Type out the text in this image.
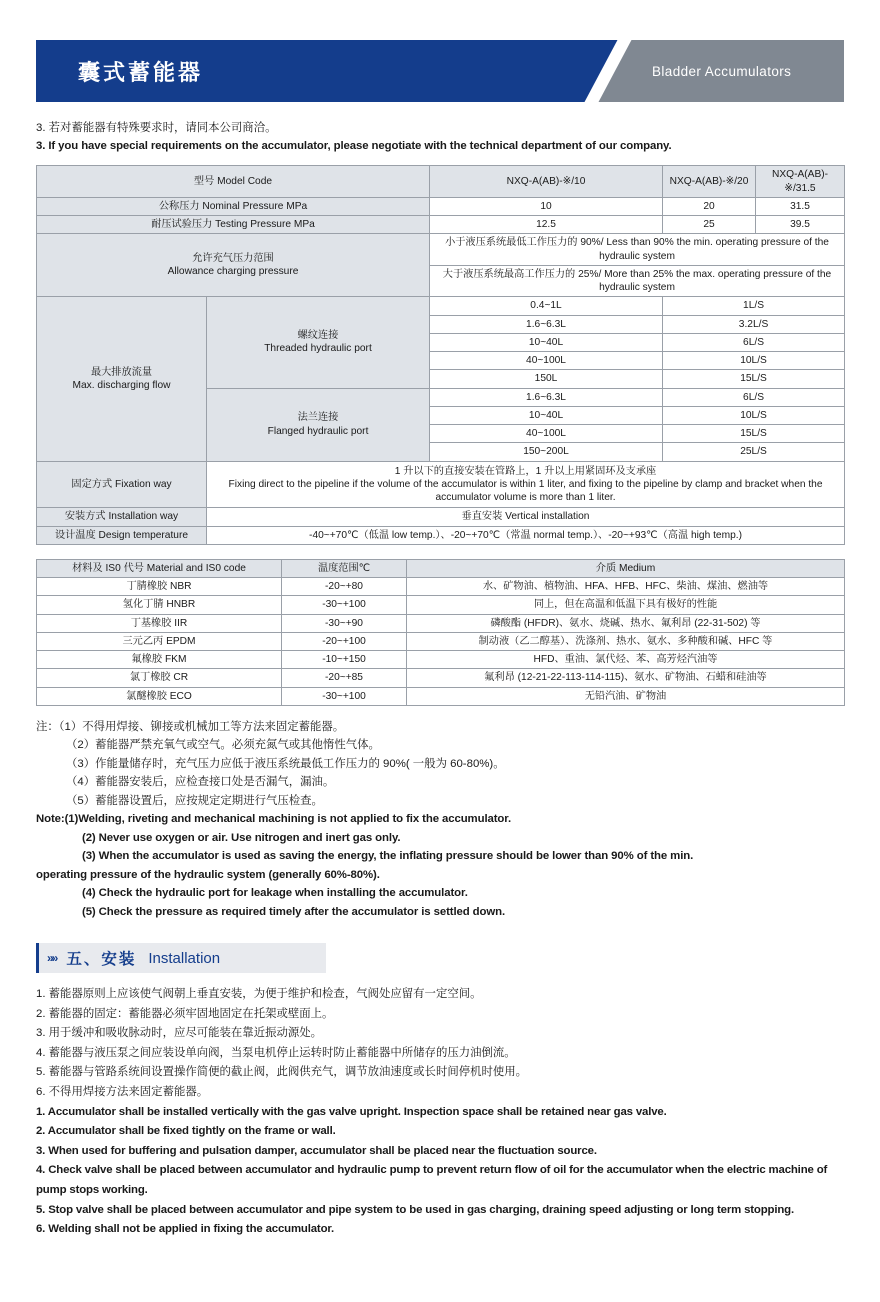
囊式蓄能器	Bladder Accumulators
3. 若对蓄能器有特殊要求时，请同本公司商洽。
3. If you have special requirements on the accumulator, please negotiate with the technical department of our company.
型号 Model Code		NXQ-A(AB)-※/10	NXQ-A(AB)-※/20	NXQ-A(AB)-※/31.5
公称压力 Nominal Pressure MPa		10	20	31.5
耐压试验压力 Testing Pressure MPa		12.5	25	39.5

允许充气压力范围
Allowance charging pressure		小于液压系统最低工作压力的 90%/ Less than 90% the min. operating pressure of the hydraulic system		
		大于液压系统最高工作压力的 25%/ More than 25% the max. operating pressure of the hydraulic system		

最大排放流量
Max. discharging flow

螺纹连接
Threaded hydraulic port
	0.4~1L	1L/S
		1.6~6.3L	3.2L/S	
		10~40L	6L/S	
		40~100L	10L/S	
		150L	15L/S	

	法兰连接
Flanged hydraulic port	1.6~6.3L	6L/S	
		10~40L	10L/S	
		40~100L	15L/S	
		150~200L	25L/S	
固定方式 Fixation way	1 升以下的直接安装在管路上，1 升以上用紧固环及支承座
Fixing direct to the pipeline if the volume of the accumulator is within 1 liter, and fixing to the pipeline by clamp and bracket when the accumulator volume is more than 1 liter.			

安装方式 Installation way	垂直安装 Vertical installation			
设计温度 Design temperature	-40~+70℃（低温 low temp.）、-20~+70℃（常温 normal temp.）、-20~+93℃（高温 high temp.)			
材料及 IS0 代号 Material and IS0 code	温度范围℃	介质 Medium
丁腈橡胶 NBR	-20~+80	水、矿物油、植物油、HFA、HFB、HFC、柴油、煤油、燃油等
氢化丁腈 HNBR	-30~+100	同上，但在高温和低温下具有极好的性能
丁基橡胶 IIR	-30~+90	磷酸酯 (HFDR)、氨水、烧碱、热水、氟利昂 (22-31-502) 等
三元乙丙 EPDM	-20~+100	制动液（乙二醇基）、洗涤剂、热水、氨水、多种酸和碱、HFC 等
氟橡胶 FKM	-10~+150	HFD、重油、氯代烃、苯、高芳烃汽油等
氯丁橡胶 CR	-20~+85	氟利昂 (12-21-22-113-114-115)、氨水、矿物油、石蜡和硅油等
氯醚橡胶 ECO	-30~+100	无铅汽油、矿物油
注：（1）不得用焊接、铆接或机械加工等方法来固定蓄能器。
（2）蓄能器严禁充氧气或空气。必须充氮气或其他惰性气体。
（3）作能量储存时，充气压力应低于液压系统最低工作压力的 90%( 一般为 60-80%)。
（4）蓄能器安装后，应检查接口处是否漏气，漏油。
（5）蓄能器设置后，应按规定定期进行气压检查。
Note:(1)Welding, riveting and mechanical machining is not applied to fix the accumulator.
(2) Never use oxygen or air. Use nitrogen and inert gas only.
(3) When the accumulator is used as saving the energy, the inflating pressure should be lower than 90% of the min.
operating pressure of the hydraulic system (generally 60%-80%).
(4) Check the hydraulic port for leakage when installing the accumulator.
(5) Check the pressure as required timely after the accumulator is settled down.
»» 五、安装 Installation

1. 蓄能器原则上应该使气阀朝上垂直安装，为便于维护和检查，气阀处应留有一定空间。

2. 蓄能器的固定：蓄能器必须牢固地固定在托架或壁面上。

3. 用于缓冲和吸收脉动时，应尽可能装在靠近振动源处。

4. 蓄能器与液压泵之间应装设单向阀，当泵电机停止运转时防止蓄能器中所储存的压力油倒流。

5. 蓄能器与管路系统间设置操作简便的截止阀，此阀供充气，调节放油速度或长时间停机时使用。

6. 不得用焊接方法来固定蓄能器。

1. Accumulator shall be installed vertically with the gas valve upright. Inspection space shall be retained near gas valve.

2. Accumulator shall be fixed tightly on the frame or wall.

3. When used for buffering and pulsation damper, accumulator shall be placed near the fluctuation source.

4. Check valve shall be placed between accumulator and hydraulic pump to prevent return flow of oil for the accumulator when the electric machine of pump stops working.

5. Stop valve shall be placed between accumulator and pipe system to be used in gas charging, draining speed adjusting or long term stopping.

6. Welding shall not be applied in fixing the accumulator.
